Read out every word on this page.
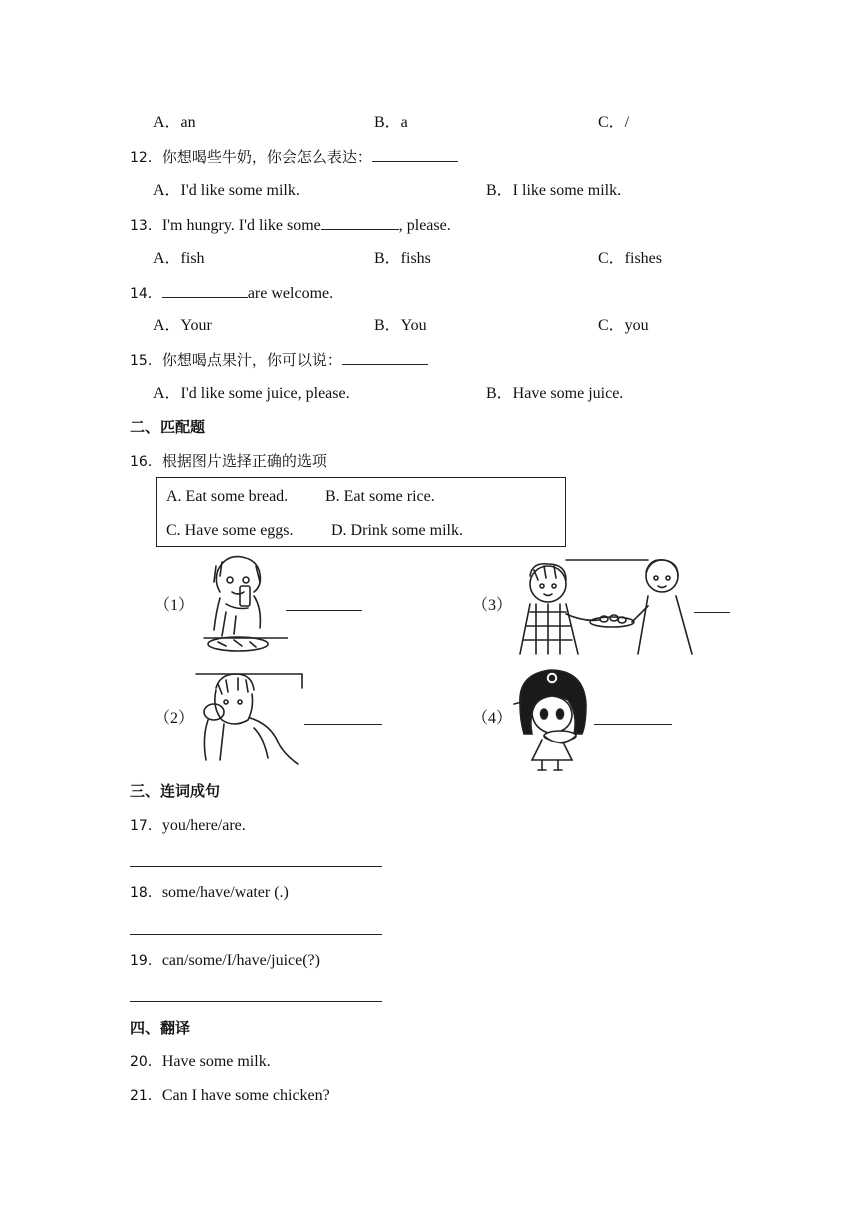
A．an	B．a	C．/
12．你想喝些牛奶，你会怎么表达：
A．I'd like some milk.	B．I like some milk.
13．I'm hungry. I'd like some	, please.
A．fish	B．fishs	C．fishes
14．	are welcome.
A．Your	B．You	C．you
15．你想喝点果汁，你可以说：
A．I'd like some juice, please.	B．Have some juice.
二、匹配题
16．根据图片选择正确的选项
A. Eat some bread. B. Eat some rice.
C. Have some eggs. D. Drink some milk.
（1）
（2）
（3）
（4）
三、连词成句
17．you/here/are.
18．some/have/water (.)
19．can/some/I/have/juice(?)
四、翻译
20．Have some milk.
21．Can I have some chicken?
